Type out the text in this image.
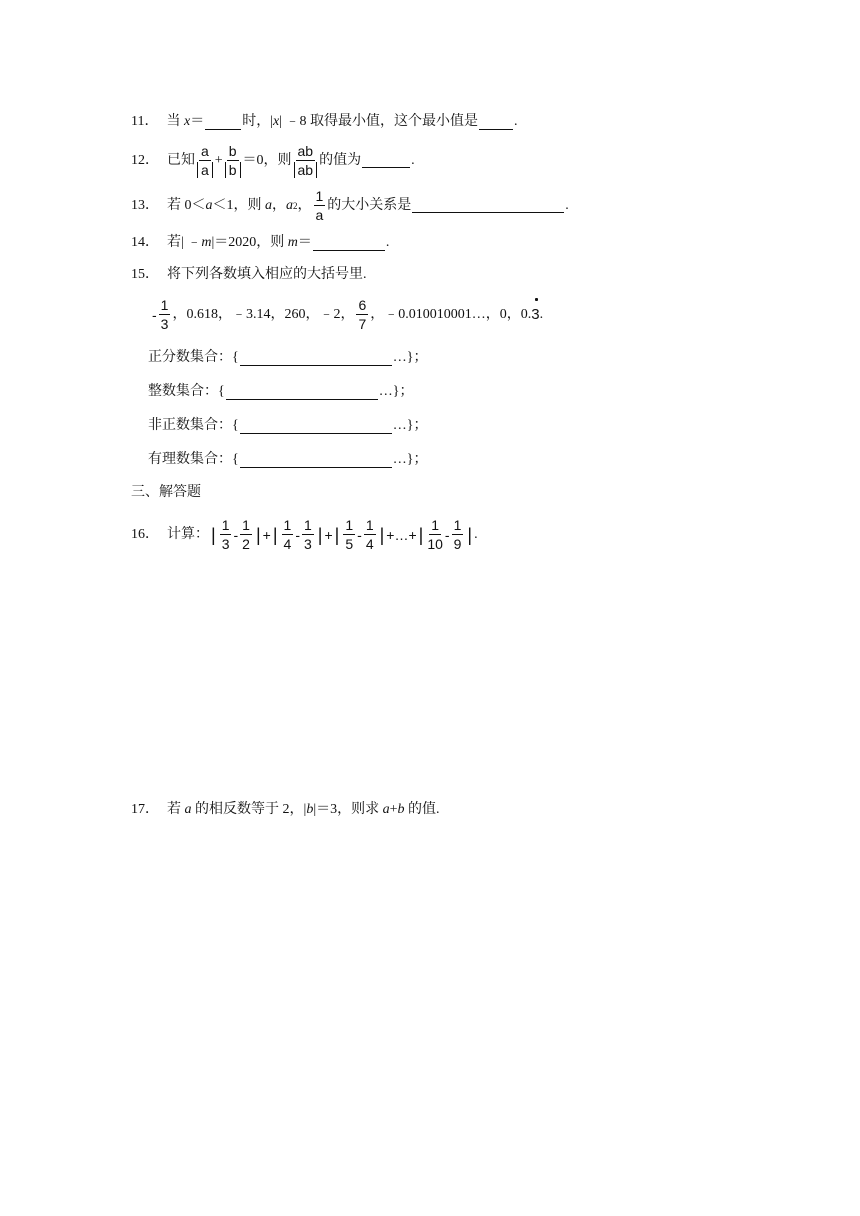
11． 当
x ＝	时，| x | ﹣8 取得最小值，这个最小值是	.
12． 已知 $\frac{a}{a} + \frac{b}{b} =0$，则 $\frac{ab}{ab}$ 的值为	.
13． 若 0＜ a ＜1，则
a ， a 2 ， $\frac{1}{a}$ 的大小关系是	.
14． 若| ﹣ m |＝2020，则
m ＝	.
15． 将下列各数填入相应的大括号里.
- $\frac{1}{3}$ ，0.618，﹣3.14，260，﹣2， $\frac{6}{7}$ ，﹣0.010010001…，0，0. 3 .
正分数集合：{	…}；
整数集合：{	…}；
非正数集合：{	…}；
有理数集合：{	…}；
三、解答题
16． 计算： | $\frac{1}{3} - \frac{1}{2}$ | + | $\frac{1}{4} - \frac{1}{3}$ | + | $\frac{1}{5} - \frac{1}{4}$ | +…+ | $\frac{1}{10} - \frac{1}{9}$ | .
17． 若
a
的相反数等于 2，| b |＝3，则求
a + b
的值.
